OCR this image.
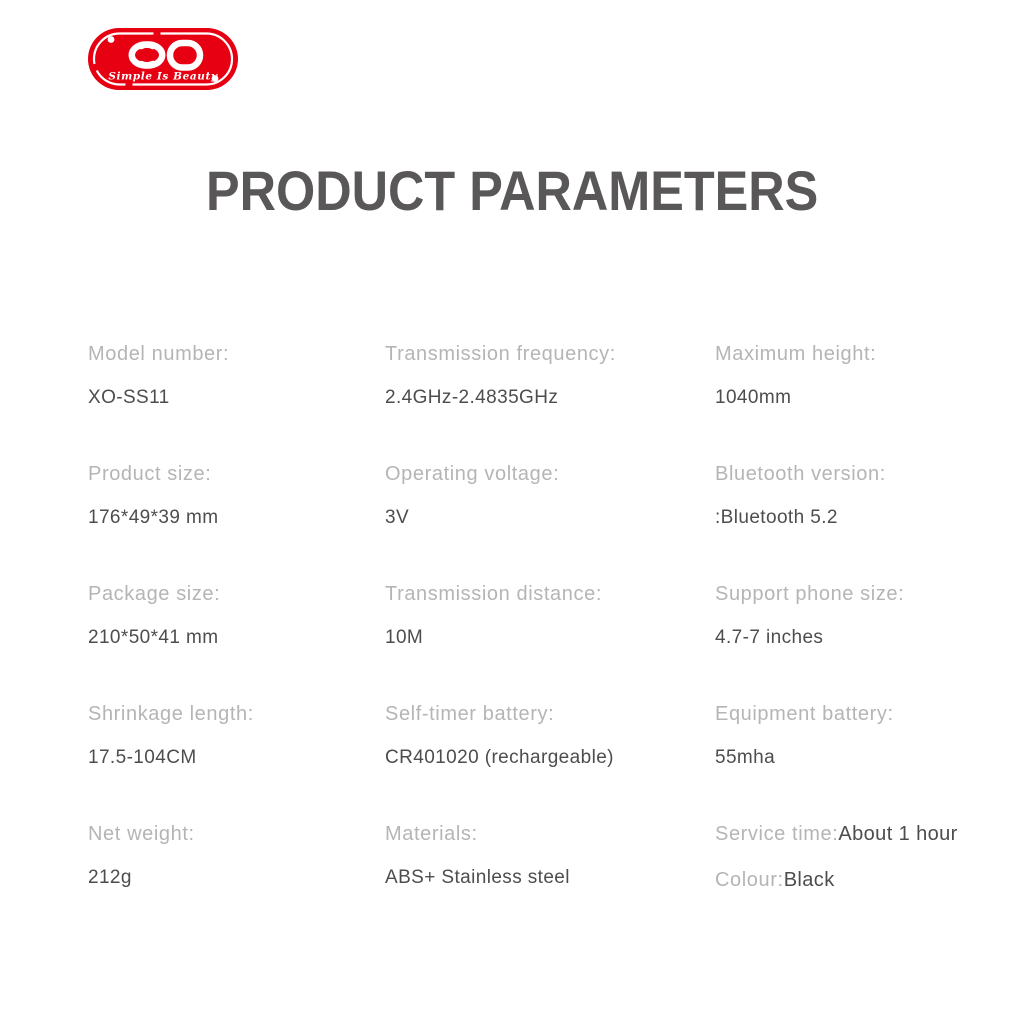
Simple Is Beauty
PRODUCT PARAMETERS
Model number:
XO-SS11
Transmission frequency:
2.4GHz-2.4835GHz
Maximum height:
1040mm
Product size:
176*49*39 mm
Operating voltage:
3V
Bluetooth version:
:Bluetooth 5.2
Package size:
210*50*41 mm
Transmission distance:
10M
Support phone size:
4.7-7 inches
Shrinkage length:
17.5-104CM
Self-timer battery:
CR401020 (rechargeable)
Equipment battery:
55mha
Net weight:
212g
Materials:
ABS+ Stainless steel
Service time:About 1 hour
Colour:Black
